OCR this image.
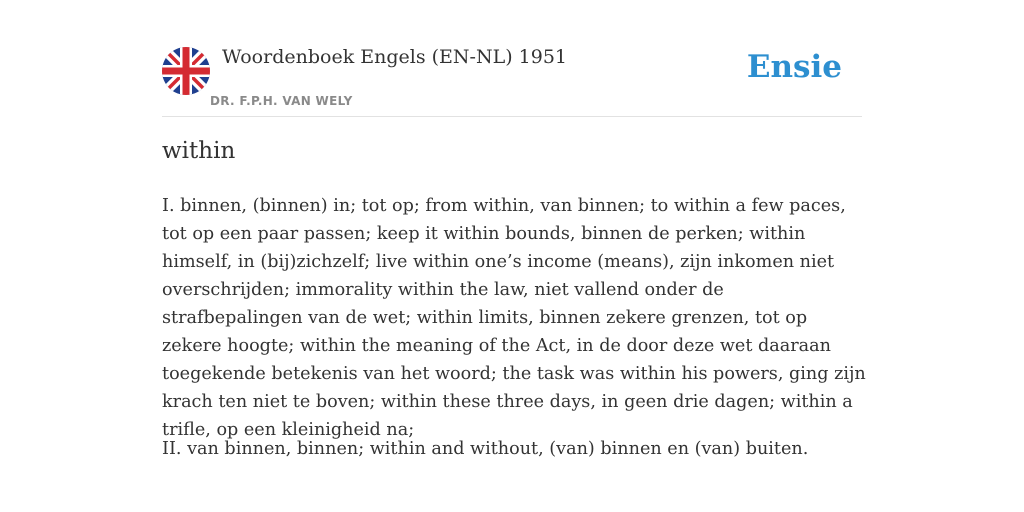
Woordenboek Engels (EN-NL) 1951
DR. F.P.H. VAN WELY
Ensie
within

I. binnen, (binnen) in; tot op; from within, van binnen; to within a few paces, tot op een paar passen; keep it within bounds, binnen de perken; within himself, in (bij)zichzelf; live within one’s income (means), zijn inkomen niet overschrijden; immorality within the law, niet vallend onder de strafbepalingen van de wet; within limits, binnen zekere grenzen, tot op zekere hoogte; within the meaning of the Act, in de door deze wet daaraan toegekende betekenis van het woord; the task was within his powers, ging zijn krach ten niet te boven; within these three days, in geen drie dagen; within a trifle, op een kleinigheid na;

II. van binnen, binnen; within and without, (van) binnen en (van) buiten.
